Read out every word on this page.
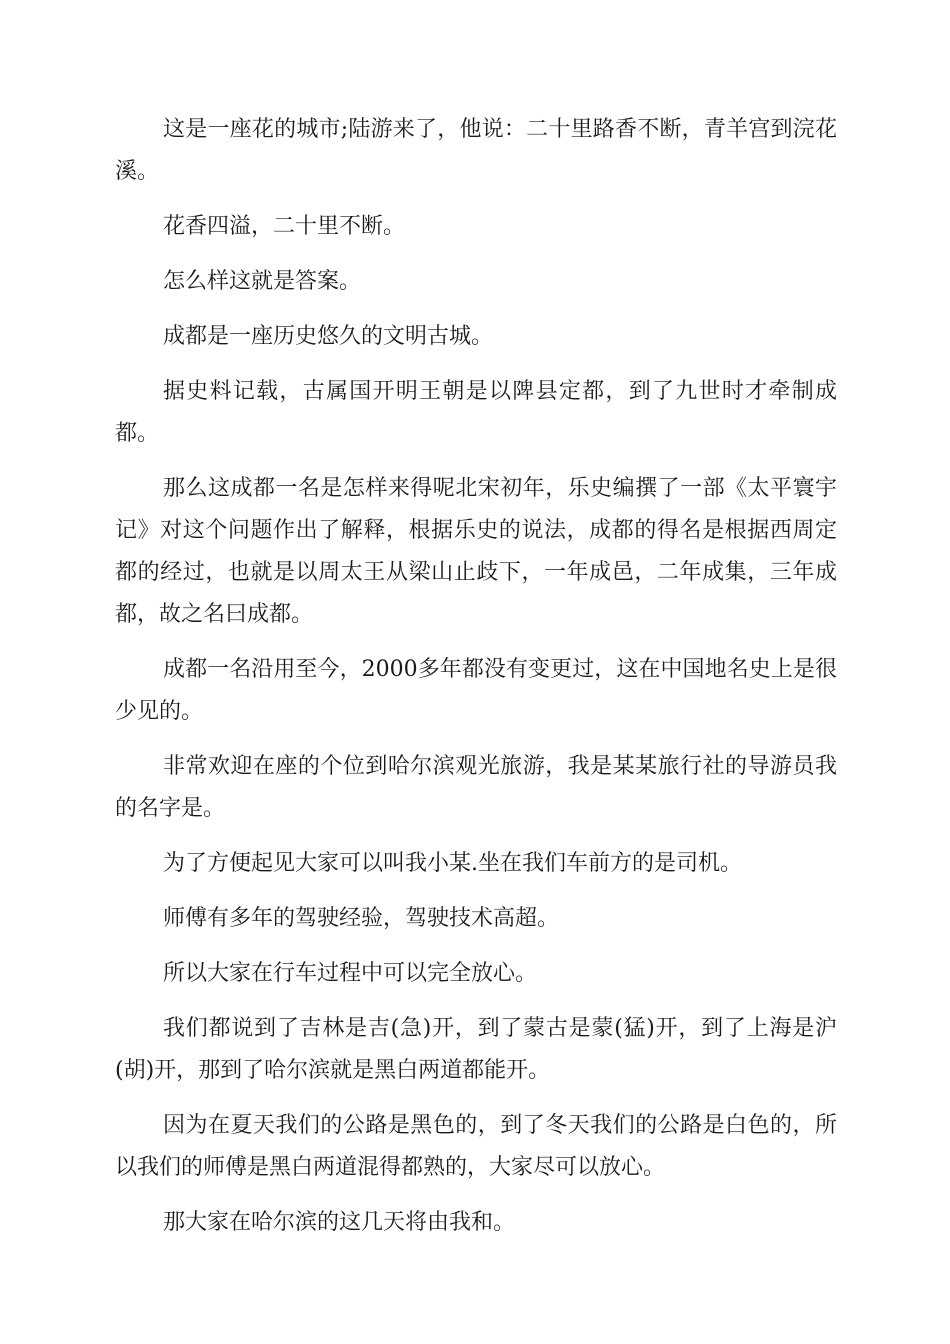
这是一座花的城市;陆游来了，他说：二十里路香不断，青羊宫到浣花溪。

花香四溢，二十里不断。

怎么样这就是答案。

成都是一座历史悠久的文明古城。

据史料记载，古属国开明王朝是以陴县定都，到了九世时才牵制成都。

那么这成都一名是怎样来得呢北宋初年，乐史编撰了一部《太平寰宇记》对这个问题作出了解释，根据乐史的说法，成都的得名是根据西周定都的经过，也就是以周太王从梁山止歧下，一年成邑，二年成集，三年成都，故之名曰成都。

成都一名沿用至今，2000多年都没有变更过，这在中国地名史上是很少见的。

非常欢迎在座的个位到哈尔滨观光旅游，我是某某旅行社的导游员我的名字是。

为了方便起见大家可以叫我小某.坐在我们车前方的是司机。

师傅有多年的驾驶经验，驾驶技术高超。

所以大家在行车过程中可以完全放心。

我们都说到了吉林是吉(急)开，到了蒙古是蒙(猛)开，到了上海是沪(胡)开，那到了哈尔滨就是黑白两道都能开。

因为在夏天我们的公路是黑色的，到了冬天我们的公路是白色的，所以我们的师傅是黑白两道混得都熟的，大家尽可以放心。

那大家在哈尔滨的这几天将由我和。
